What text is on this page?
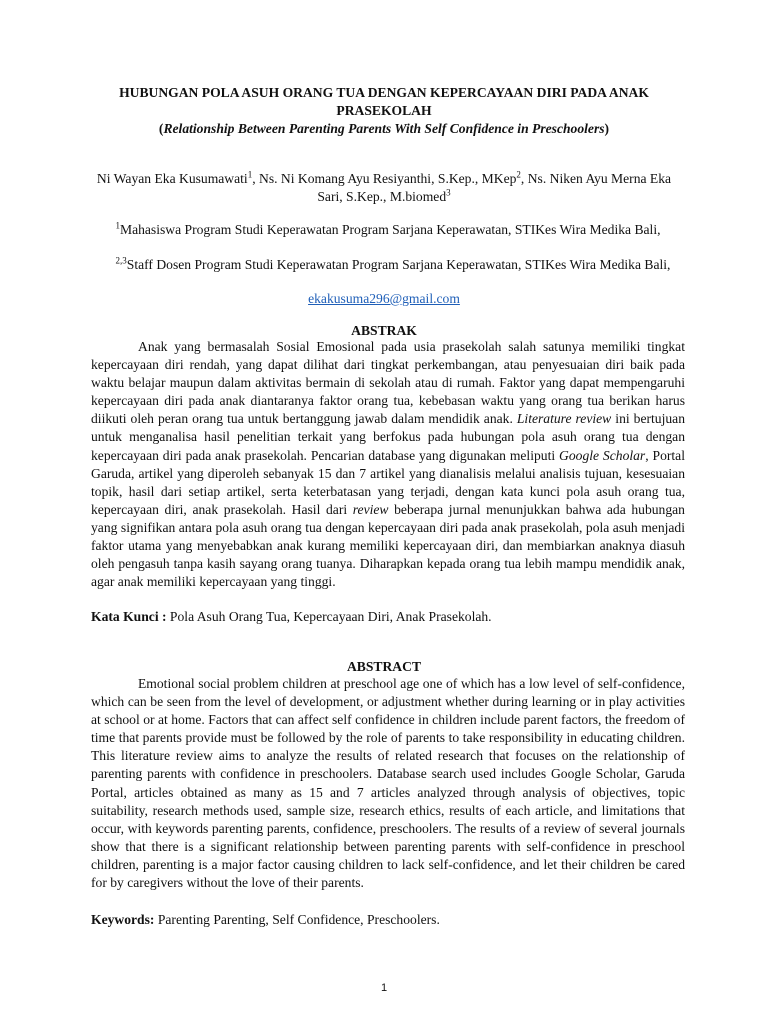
HUBUNGAN POLA ASUH ORANG TUA DENGAN KEPERCAYAAN DIRI PADA ANAK PRASEKOLAH
(Relationship Between Parenting Parents With Self Confidence in Preschoolers)
Ni Wayan Eka Kusumawati$^1$, Ns. Ni Komang Ayu Resiyanthi, S.Kep., MKep$^2$, Ns. Niken Ayu Merna Eka Sari, S.Kep., M.biomed$^3$
$^1$Mahasiswa Program Studi Keperawatan Program Sarjana Keperawatan, STIKes Wira Medika Bali,
$^{2,3}$Staff Dosen Program Studi Keperawatan Program Sarjana Keperawatan, STIKes Wira Medika Bali,
ekakusuma296@gmail.com
ABSTRAK
Anak yang bermasalah Sosial Emosional pada usia prasekolah salah satunya memiliki tingkat kepercayaan diri rendah, yang dapat dilihat dari tingkat perkembangan, atau penyesuaian diri baik pada waktu belajar maupun dalam aktivitas bermain di sekolah atau di rumah. Faktor yang dapat mempengaruhi kepercayaan diri pada anak diantaranya faktor orang tua, kebebasan waktu yang orang tua berikan harus diikuti oleh peran orang tua untuk bertanggung jawab dalam mendidik anak. Literature review ini bertujuan untuk menganalisa hasil penelitian terkait yang berfokus pada hubungan pola asuh orang tua dengan kepercayaan diri pada anak prasekolah. Pencarian database yang digunakan meliputi Google Scholar, Portal Garuda, artikel yang diperoleh sebanyak 15 dan 7 artikel yang dianalisis melalui analisis tujuan, kesesuaian topik, hasil dari setiap artikel, serta keterbatasan yang terjadi, dengan kata kunci pola asuh orang tua, kepercayaan diri, anak prasekolah. Hasil dari review beberapa jurnal menunjukkan bahwa ada hubungan yang signifikan antara pola asuh orang tua dengan kepercayaan diri pada anak prasekolah, pola asuh menjadi faktor utama yang menyebabkan anak kurang memiliki kepercayaan diri, dan membiarkan anaknya diasuh oleh pengasuh tanpa kasih sayang orang tuanya. Diharapkan kepada orang tua lebih mampu mendidik anak, agar anak memiliki kepercayaan yang tinggi.
Kata Kunci : Pola Asuh Orang Tua, Kepercayaan Diri, Anak Prasekolah.
ABSTRACT
Emotional social problem children at preschool age one of which has a low level of self-confidence, which can be seen from the level of development, or adjustment whether during learning or in play activities at school or at home. Factors that can affect self confidence in children include parent factors, the freedom of time that parents provide must be followed by the role of parents to take responsibility in educating children. This literature review aims to analyze the results of related research that focuses on the relationship of parenting parents with confidence in preschoolers. Database search used includes Google Scholar, Garuda Portal, articles obtained as many as 15 and 7 articles analyzed through analysis of objectives, topic suitability, research methods used, sample size, research ethics, results of each article, and limitations that occur, with keywords parenting parents, confidence, preschoolers. The results of a review of several journals show that there is a significant relationship between parenting parents with self-confidence in preschool children, parenting is a major factor causing children to lack self-confidence, and let their children be cared for by caregivers without the love of their parents.
Keywords: Parenting Parenting, Self Confidence, Preschoolers.
1
